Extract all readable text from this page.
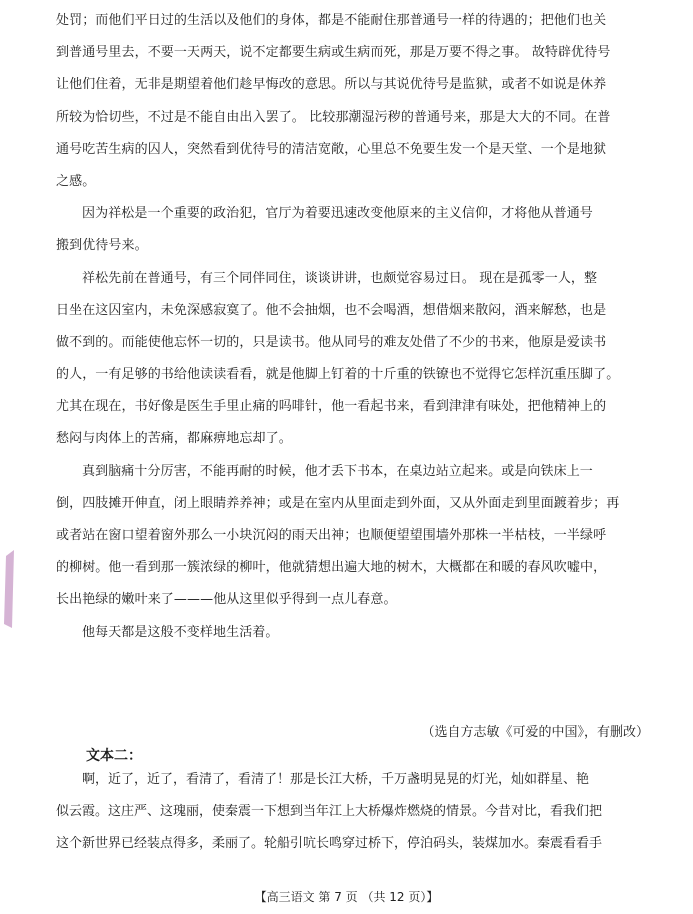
处罚；而他们平日过的生活以及他们的身体，都是不能耐住那普通号一样的待遇的；把他们也关
到普通号里去，不要一天两天，说不定都要生病或生病而死，那是万要不得之事。 故特辟优待号
让他们住着，无非是期望着他们趁早悔改的意思。所以与其说优待号是监狱，或者不如说是休养
所较为恰切些，不过是不能自由出入罢了。 比较那潮湿污秽的普通号来，那是大大的不同。在普
通号吃苦生病的囚人，突然看到优待号的清洁宽敞，心里总不免要生发一个是天堂、一个是地狱
之感。
因为祥松是一个重要的政治犯，官厅为着要迅速改变他原来的主义信仰，才将他从普通号
搬到优待号来。
祥松先前在普通号，有三个同伴同住，谈谈讲讲，也颇觉容易过日。 现在是孤零一人，整
日坐在这囚室内，未免深感寂寞了。他不会抽烟，也不会喝酒，想借烟来散闷，酒来解愁，也是
做不到的。而能使他忘怀一切的，只是读书。他从同号的难友处借了不少的书来，他原是爱读书
的人，一有足够的书给他读读看看，就是他脚上钉着的十斤重的铁镣也不觉得它怎样沉重压脚了。
尤其在现在，书好像是医生手里止痛的吗啡针，他一看起书来，看到津津有味处，把他精神上的
愁闷与肉体上的苦痛，都麻痹地忘却了。
真到脑痛十分厉害，不能再耐的时候，他才丢下书本，在桌边站立起来。或是向铁床上一
倒，四肢摊开伸直，闭上眼睛养养神；或是在室内从里面走到外面，又从外面走到里面踱着步；再
或者站在窗口望着窗外那么一小块沉闷的雨天出神；也顺便望望围墙外那株一半枯枝，一半绿呼
的柳树。他一看到那一簇浓绿的柳叶，他就猜想出遍大地的树木，大概都在和暖的春风吹嘘中，
长出艳绿的嫩叶来了———他从这里似乎得到一点儿春意。
他每天都是这般不变样地生活着。
（选自方志敏《可爱的中国》，有删改）
文本二：
啊，近了，近了，看清了，看清了！那是长江大桥，千万盏明晃晃的灯光，灿如群星、艳
似云霞。这庄严、这瑰丽，使秦震一下想到当年江上大桥爆炸燃烧的情景。今昔对比，看我们把
这个新世界已经装点得多，柔丽了。轮船引吭长鸣穿过桥下，停泊码头，装煤加水。秦震看看手
【高三语文 第 7 页 （共 12 页）】
